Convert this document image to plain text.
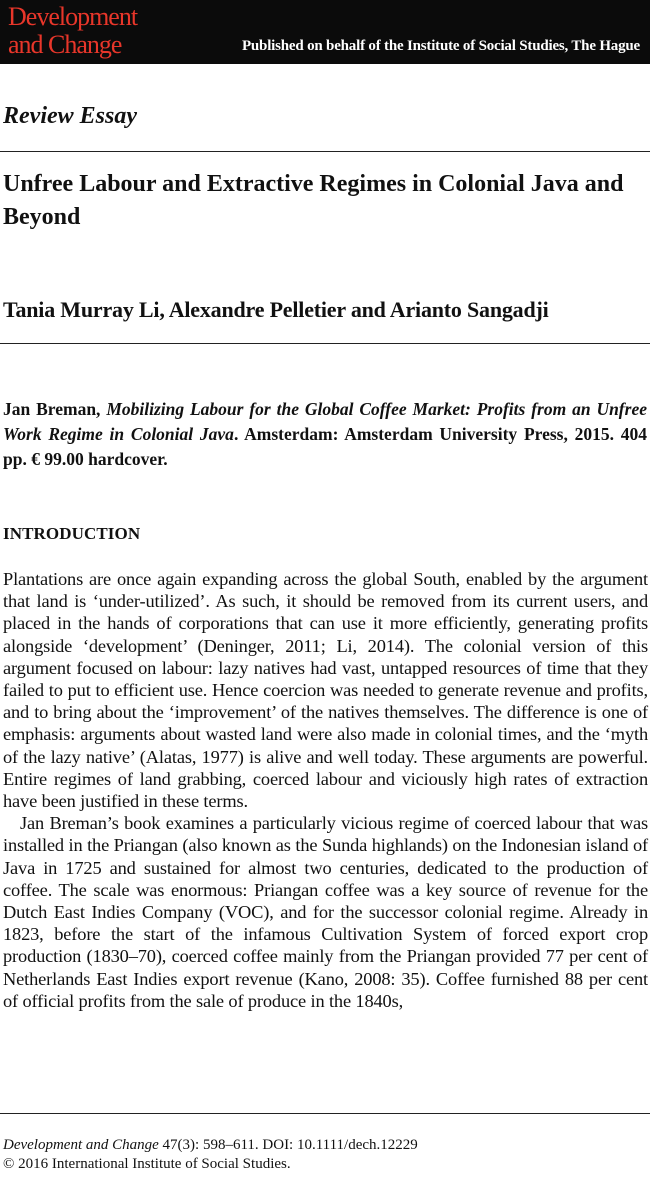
Development
and Change	Published on behalf of the Institute of Social Studies, The Hague
Review Essay
Unfree Labour and Extractive Regimes in Colonial Java and Beyond
Tania Murray Li, Alexandre Pelletier and Arianto Sangadji
Jan Breman, Mobilizing Labour for the Global Coffee Market: Profits from an Unfree Work Regime in Colonial Java. Amsterdam: Amsterdam University Press, 2015. 404 pp. € 99.00 hardcover.
INTRODUCTION

Plantations are once again expanding across the global South, enabled by the argument that land is ‘under-utilized’. As such, it should be removed from its current users, and placed in the hands of corporations that can use it more efficiently, generating profits alongside ‘development’ (Deninger, 2011; Li, 2014). The colonial version of this argument focused on labour: lazy natives had vast, untapped resources of time that they failed to put to efficient use. Hence coercion was needed to generate revenue and profits, and to bring about the ‘improvement’ of the natives themselves. The difference is one of emphasis: arguments about wasted land were also made in colonial times, and the ‘myth of the lazy native’ (Alatas, 1977) is alive and well today. These arguments are powerful. Entire regimes of land grabbing, coerced labour and viciously high rates of extraction have been justified in these terms.

Jan Breman’s book examines a particularly vicious regime of coerced labour that was installed in the Priangan (also known as the Sunda highlands) on the Indonesian island of Java in 1725 and sustained for almost two centuries, dedicated to the production of coffee. The scale was enormous: Priangan coffee was a key source of revenue for the Dutch East Indies Company (VOC), and for the successor colonial regime. Already in 1823, before the start of the infamous Cultivation System of forced export crop production (1830–70), coerced coffee mainly from the Priangan provided 77 per cent of Netherlands East Indies export revenue (Kano, 2008: 35). Coffee furnished 88 per cent of official profits from the sale of produce in the 1840s,

Development and Change 47(3): 598–611. DOI: 10.1111/dech.12229
© 2016 International Institute of Social Studies.
